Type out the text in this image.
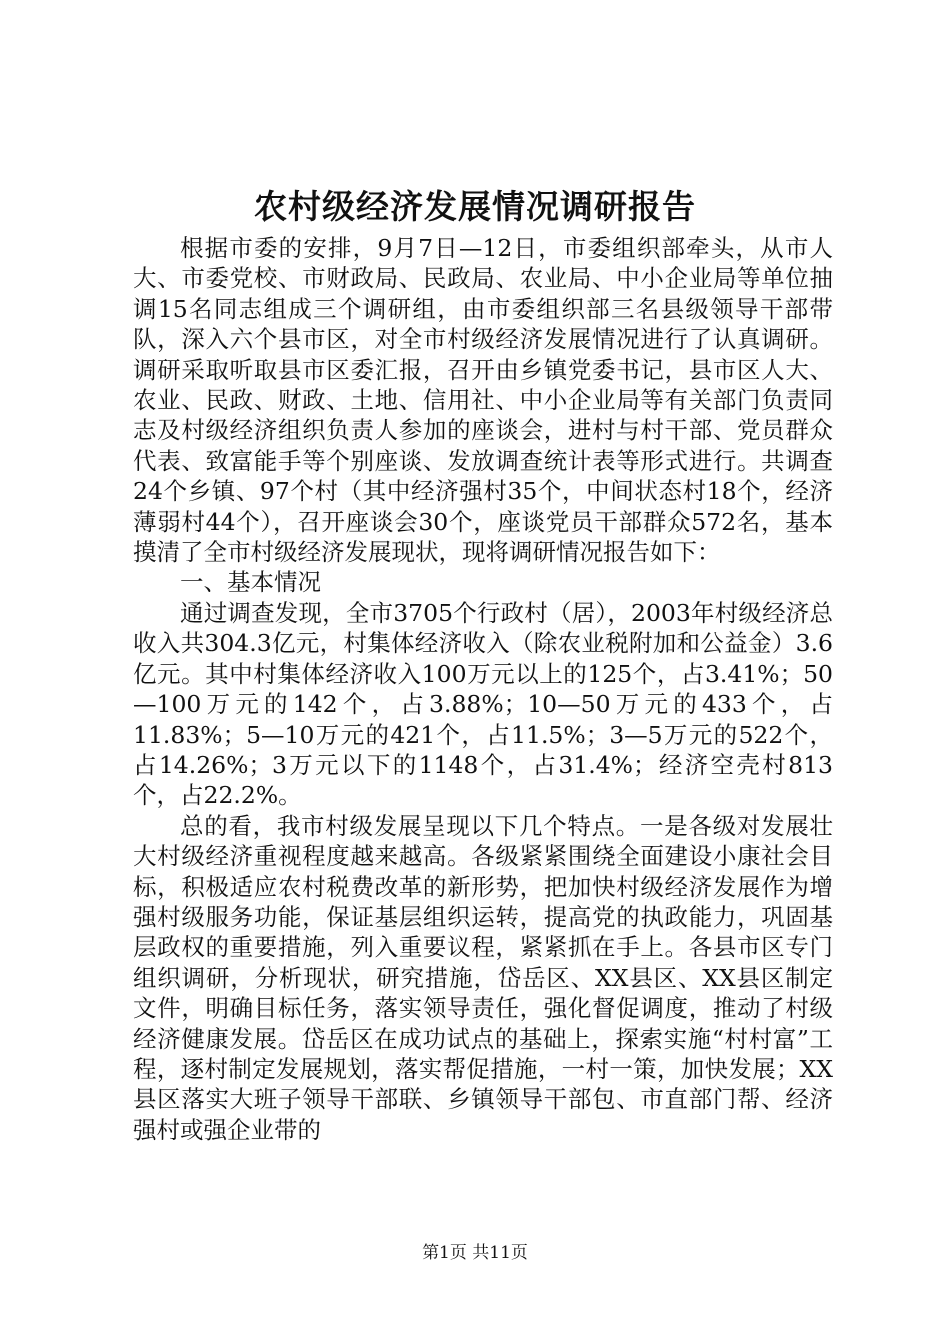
农村级经济发展情况调研报告

根据市委的安排，9月7日—12日，市委组织部牵头，从市人大、市委党校、市财政局、民政局、农业局、中小企业局等单位抽调15名同志组成三个调研组，由市委组织部三名县级领导干部带队，深入六个县市区，对全市村级经济发展情况进行了认真调研。调研采取听取县市区委汇报，召开由乡镇党委书记，县市区人大、农业、民政、财政、土地、信用社、中小企业局等有关部门负责同志及村级经济组织负责人参加的座谈会，进村与村干部、党员群众代表、致富能手等个别座谈、发放调查统计表等形式进行。共调查24个乡镇、97个村（其中经济强村35个，中间状态村18个，经济薄弱村44个），召开座谈会30个，座谈党员干部群众572名，基本摸清了全市村级经济发展现状，现将调研情况报告如下：

一、基本情况

通过调查发现，全市3705个行政村（居），2003年村级经济总收入共304.3亿元，村集体经济收入（除农业税附加和公益金）3.6亿元。其中村集体经济收入100万元以上的125个，占3.41%；50—100万元的142个，占3.88%；10—50万元的433个，占11.83%；5—10万元的421个，占11.5%；3—5万元的522个，占14.26%；3万元以下的1148个，占31.4%；经济空壳村813个，占22.2%。

总的看，我市村级发展呈现以下几个特点。一是各级对发展壮大村级经济重视程度越来越高。各级紧紧围绕全面建设小康社会目标，积极适应农村税费改革的新形势，把加快村级经济发展作为增强村级服务功能，保证基层组织运转，提高党的执政能力，巩固基层政权的重要措施，列入重要议程，紧紧抓在手上。各县市区专门组织调研，分析现状，研究措施，岱岳区、XX县区、XX县区制定文件，明确目标任务，落实领导责任，强化督促调度，推动了村级经济健康发展。岱岳区在成功试点的基础上，探索实施“村村富”工程，逐村制定发展规划，落实帮促措施，一村一策，加快发展；XX县区落实大班子领导干部联、乡镇领导干部包、市直部门帮、经济强村或强企业带的

第1页 共11页
